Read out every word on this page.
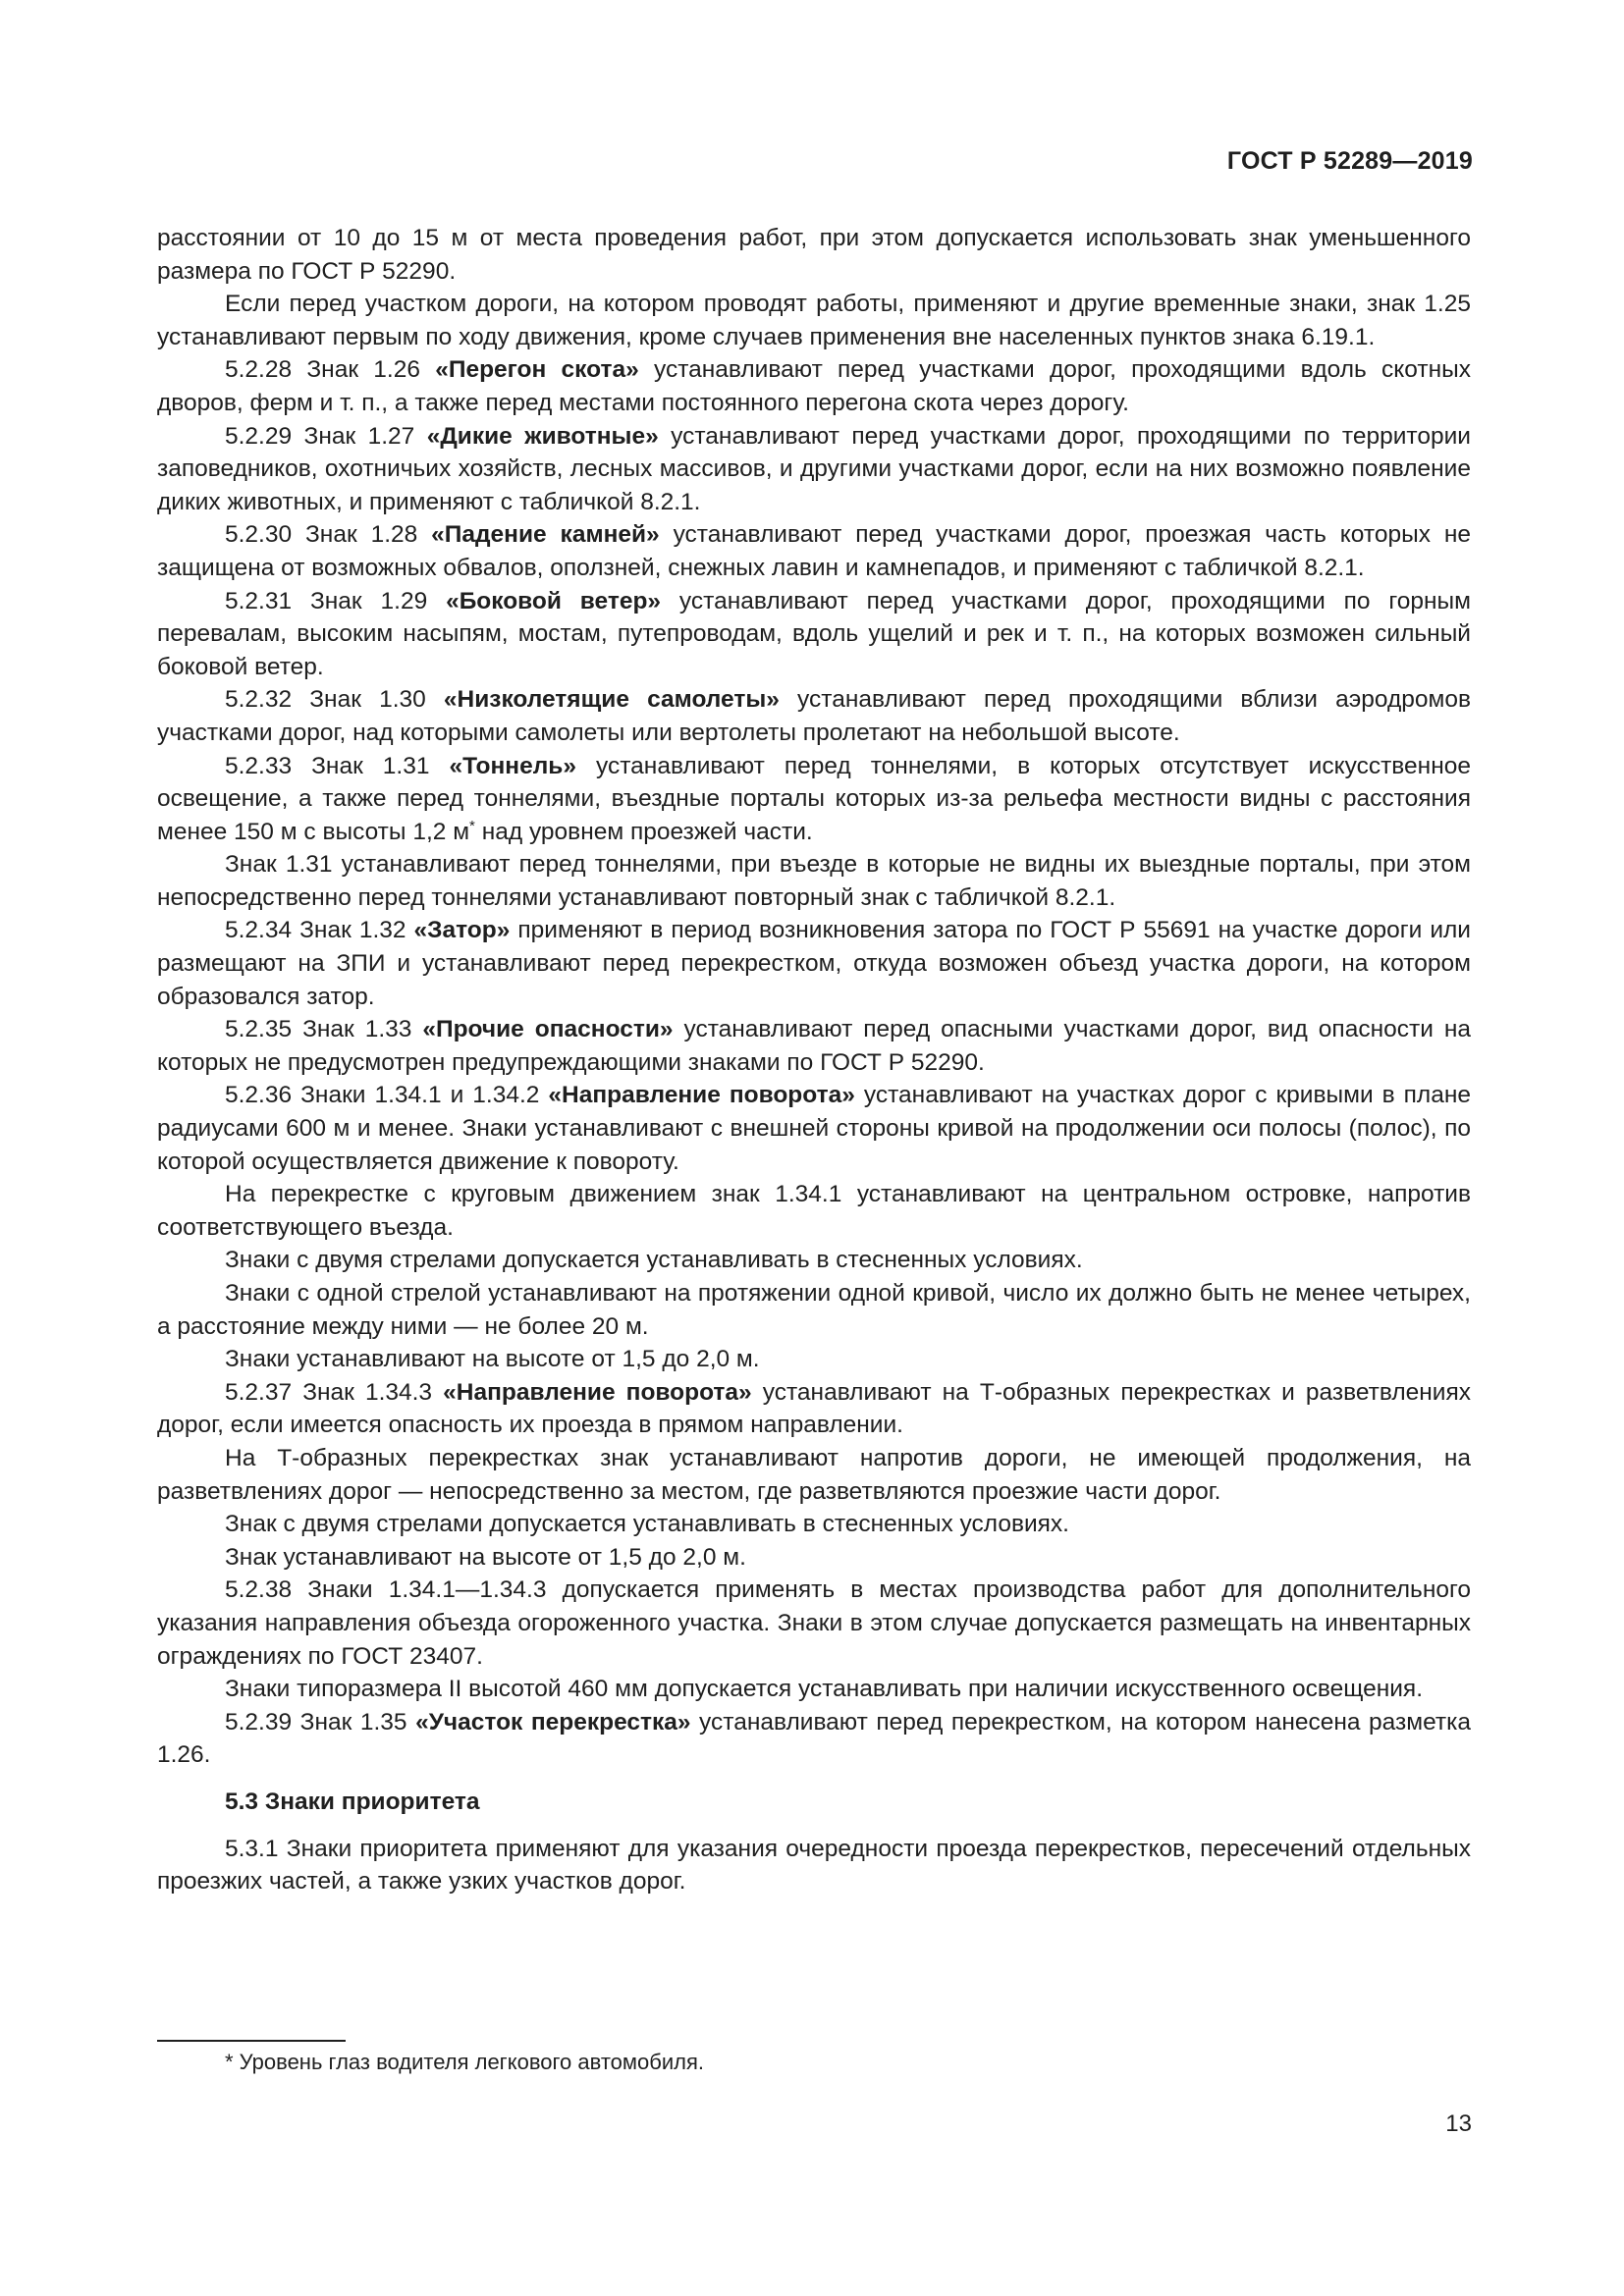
ГОСТ Р 52289—2019

расстоянии от 10 до 15 м от места проведения работ, при этом допускается использовать знак уменьшенного размера по ГОСТ Р 52290.

Если перед участком дороги, на котором проводят работы, применяют и другие временные знаки, знак 1.25 устанавливают первым по ходу движения, кроме случаев применения вне населенных пунктов знака 6.19.1.

5.2.28 Знак 1.26 «Перегон скота» устанавливают перед участками дорог, проходящими вдоль скотных дворов, ферм и т. п., а также перед местами постоянного перегона скота через дорогу.

5.2.29 Знак 1.27 «Дикие животные» устанавливают перед участками дорог, проходящими по территории заповедников, охотничьих хозяйств, лесных массивов, и другими участками дорог, если на них возможно появление диких животных, и применяют с табличкой 8.2.1.

5.2.30 Знак 1.28 «Падение камней» устанавливают перед участками дорог, проезжая часть которых не защищена от возможных обвалов, оползней, снежных лавин и камнепадов, и применяют с табличкой 8.2.1.

5.2.31 Знак 1.29 «Боковой ветер» устанавливают перед участками дорог, проходящими по горным перевалам, высоким насыпям, мостам, путепроводам, вдоль ущелий и рек и т. п., на которых возможен сильный боковой ветер.

5.2.32 Знак 1.30 «Низколетящие самолеты» устанавливают перед проходящими вблизи аэродромов участками дорог, над которыми самолеты или вертолеты пролетают на небольшой высоте.

5.2.33 Знак 1.31 «Тоннель» устанавливают перед тоннелями, в которых отсутствует искусственное освещение, а также перед тоннелями, въездные порталы которых из-за рельефа местности видны с расстояния менее 150 м с высоты 1,2 м* над уровнем проезжей части.

Знак 1.31 устанавливают перед тоннелями, при въезде в которые не видны их выездные порталы, при этом непосредственно перед тоннелями устанавливают повторный знак с табличкой 8.2.1.

5.2.34 Знак 1.32 «Затор» применяют в период возникновения затора по ГОСТ Р 55691 на участке дороги или размещают на ЗПИ и устанавливают перед перекрестком, откуда возможен объезд участка дороги, на котором образовался затор.

5.2.35 Знак 1.33 «Прочие опасности» устанавливают перед опасными участками дорог, вид опасности на которых не предусмотрен предупреждающими знаками по ГОСТ Р 52290.

5.2.36 Знаки 1.34.1 и 1.34.2 «Направление поворота» устанавливают на участках дорог с кривыми в плане радиусами 600 м и менее. Знаки устанавливают с внешней стороны кривой на продолжении оси полосы (полос), по которой осуществляется движение к повороту.

На перекрестке с круговым движением знак 1.34.1 устанавливают на центральном островке, напротив соответствующего въезда.

Знаки с двумя стрелами допускается устанавливать в стесненных условиях.

Знаки с одной стрелой устанавливают на протяжении одной кривой, число их должно быть не менее четырех, а расстояние между ними — не более 20 м.

Знаки устанавливают на высоте от 1,5 до 2,0 м.

5.2.37 Знак 1.34.3 «Направление поворота» устанавливают на Т-образных перекрестках и разветвлениях дорог, если имеется опасность их проезда в прямом направлении.

На Т-образных перекрестках знак устанавливают напротив дороги, не имеющей продолжения, на разветвлениях дорог — непосредственно за местом, где разветвляются проезжие части дорог.

Знак с двумя стрелами допускается устанавливать в стесненных условиях.

Знак устанавливают на высоте от 1,5 до 2,0 м.

5.2.38 Знаки 1.34.1—1.34.3 допускается применять в местах производства работ для дополнительного указания направления объезда огороженного участка. Знаки в этом случае допускается размещать на инвентарных ограждениях по ГОСТ 23407.

Знаки типоразмера II высотой 460 мм допускается устанавливать при наличии искусственного освещения.

5.2.39 Знак 1.35 «Участок перекрестка» устанавливают перед перекрестком, на котором нанесена разметка 1.26.

5.3 Знаки приоритета

5.3.1 Знаки приоритета применяют для указания очередности проезда перекрестков, пересечений отдельных проезжих частей, а также узких участков дорог.

* Уровень глаз водителя легкового автомобиля.
13
